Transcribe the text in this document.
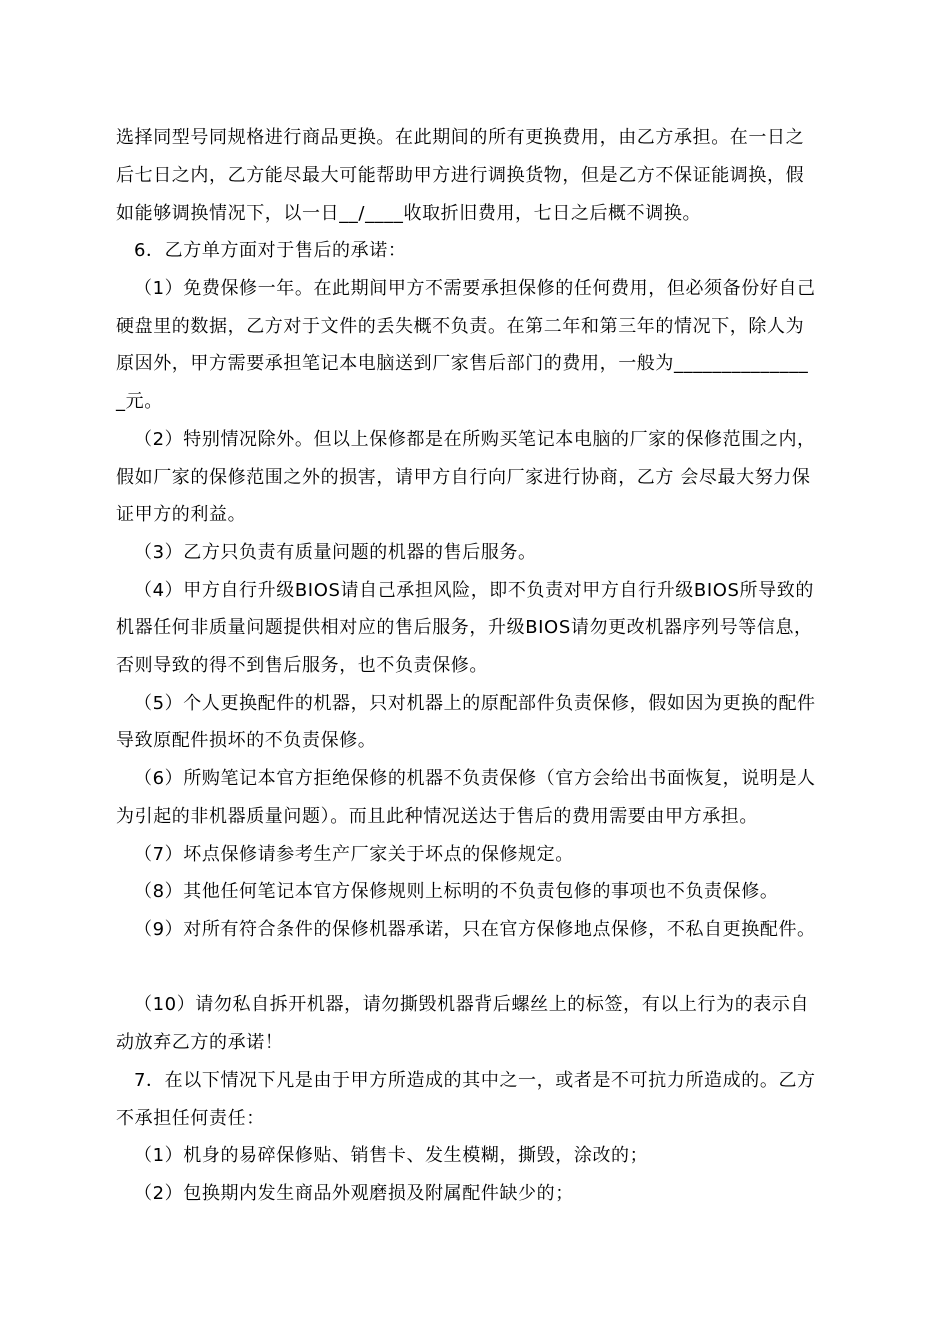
选择同型号同规格进行商品更换。在此期间的所有更换费用，由乙方承担。在一日之
后七日之内，乙方能尽最大可能帮助甲方进行调换货物，但是乙方不保证能调换，假
如能够调换情况下，以一日__/____收取折旧费用，七日之后概不调换。
6．乙方单方面对于售后的承诺：
（1）免费保修一年。在此期间甲方不需要承担保修的任何费用，但必须备份好自己
硬盘里的数据，乙方对于文件的丢失概不负责。在第二年和第三年的情况下，除人为
原因外，甲方需要承担笔记本电脑送到厂家售后部门的费用，一般为______________
_元。
（2）特别情况除外。但以上保修都是在所购买笔记本电脑的厂家的保修范围之内，
假如厂家的保修范围之外的损害，请甲方自行向厂家进行协商，乙方 会尽最大努力保
证甲方的利益。
（3）乙方只负责有质量问题的机器的售后服务。
（4）甲方自行升级BIOS请自己承担风险，即不负责对甲方自行升级BIOS所导致的
机器任何非质量问题提供相对应的售后服务，升级BIOS请勿更改机器序列号等信息，
否则导致的得不到售后服务，也不负责保修。
（5）个人更换配件的机器，只对机器上的原配部件负责保修，假如因为更换的配件
导致原配件损坏的不负责保修。
（6）所购笔记本官方拒绝保修的机器不负责保修（官方会给出书面恢复，说明是人
为引起的非机器质量问题）。而且此种情况送达于售后的费用需要由甲方承担。
（7）坏点保修请参考生产厂家关于坏点的保修规定。
（8）其他任何笔记本官方保修规则上标明的不负责包修的事项也不负责保修。
（9）对所有符合条件的保修机器承诺，只在官方保修地点保修，不私自更换配件。
（10）请勿私自拆开机器，请勿撕毁机器背后螺丝上的标签，有以上行为的表示自
动放弃乙方的承诺！
7．在以下情况下凡是由于甲方所造成的其中之一，或者是不可抗力所造成的。乙方
不承担任何责任：
（1）机身的易碎保修贴、销售卡、发生模糊，撕毁，涂改的；
（2）包换期内发生商品外观磨损及附属配件缺少的；
